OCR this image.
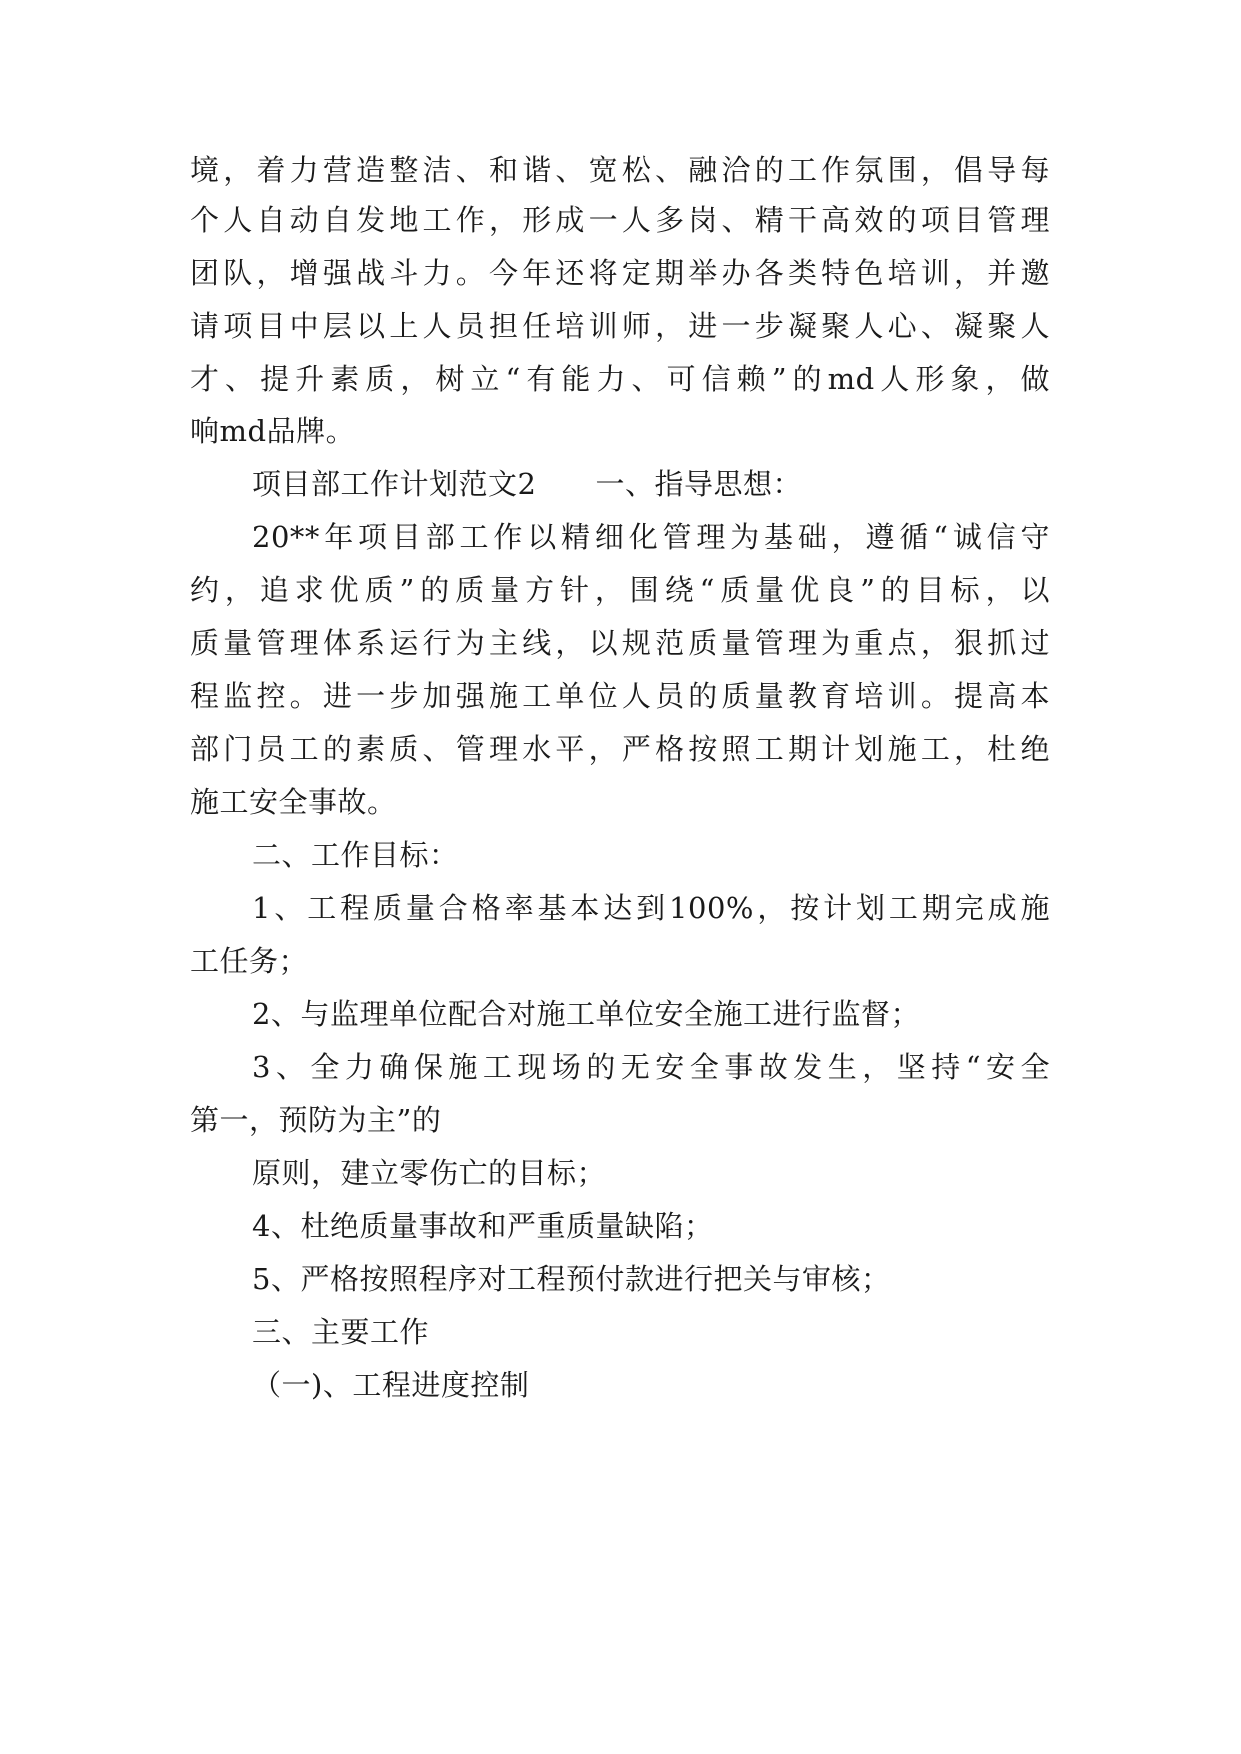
境，着力营造整洁、和谐、宽松、融洽的工作氛围，倡导每
个人自动自发地工作，形成一人多岗、精干高效的项目管理
团队，增强战斗力。今年还将定期举办各类特色培训，并邀
请项目中层以上人员担任培训师，进一步凝聚人心、凝聚人
才、提升素质，树立“有能力、可信赖”的md人形象，做
响md品牌。
项目部工作计划范文2　　一、指导思想：
20**年项目部工作以精细化管理为基础，遵循“诚信守
约，追求优质”的质量方针，围绕“质量优良”的目标，以
质量管理体系运行为主线，以规范质量管理为重点，狠抓过
程监控。进一步加强施工单位人员的质量教育培训。提高本
部门员工的素质、管理水平，严格按照工期计划施工，杜绝
施工安全事故。
二、工作目标：
1、工程质量合格率基本达到100%，按计划工期完成施
工任务；
2、与监理单位配合对施工单位安全施工进行监督；
3、全力确保施工现场的无安全事故发生，坚持“安全
第一，预防为主”的
原则，建立零伤亡的目标；
4、杜绝质量事故和严重质量缺陷；
5、严格按照程序对工程预付款进行把关与审核；
三、主要工作
（一)、工程进度控制
